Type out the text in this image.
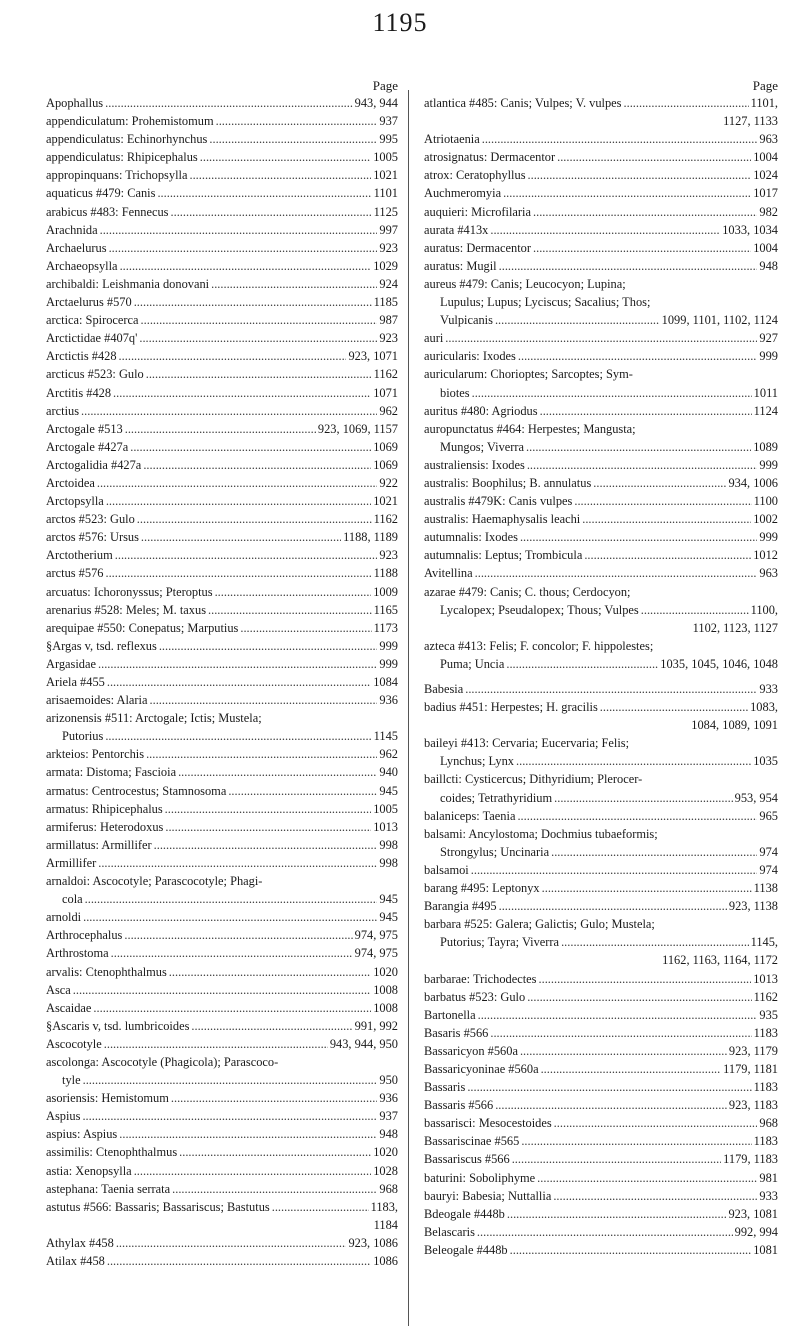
1195
Page
Apophallus .....	943, 944
appendiculatum: Prohemistomum .....	937
appendiculatus: Echinorhynchus .....	995
appendiculatus: Rhipicephalus .....	1005
appropinquans: Trichopsylla .....	1021
aquaticus #479: Canis .....	1101
arabicus #483: Fennecus .....	1125
Arachnida .....	997
Archaelurus .....	923
Archaeopsylla .....	1029
archibaldi: Leishmania donovani .....	924
Arctaelurus #570 .....	1185
arctica: Spirocerca .....	987
Arctictidae #407q' .....	923
Arctictis #428 .....	923, 1071
arcticus #523: Gulo .....	1162
Arctitis #428 .....	1071
arctius .....	962
Arctogale #513 .....	923, 1069, 1157
Arctogale #427a .....	1069
Arctogalidia #427a .....	1069
Arctoidea .....	922
Arctopsylla .....	1021
arctos #523: Gulo .....	1162
arctos #576: Ursus .....	1188, 1189
Arctotherium .....	923
arctus #576 .....	1188
arcuatus: Ichoronyssus; Pteroptus .....	1009
arenarius #528: Meles; M. taxus .....	1165
arequipae #550: Conepatus; Marputius .....	1173
§Argas v, tsd. reflexus .....	999
Argasidae .....	999
Ariela #455 .....	1084
arisaemoides: Alaria .....	936
arizonensis #511: Arctogale; Ictis; Mustela;
Putorius .....	1145
arkteios: Pentorchis .....	962
armata: Distoma; Fascioia .....	940
armatus: Centrocestus; Stamnosoma .....	945
armatus: Rhipicephalus .....	1005
armiferus: Heterodoxus .....	1013
armillatus: Armillifer .....	998
Armillifer .....	998
arnaldoi: Ascocotyle; Parascocotyle; Phagi-
cola .....	945
arnoldi .....	945
Arthrocephalus .....	974, 975
Arthrostoma .....	974, 975
arvalis: Ctenophthalmus .....	1020
Asca .....	1008
Ascaidae .....	1008
§Ascaris v, tsd. lumbricoides .....	991, 992
Ascocotyle .....	943, 944, 950
ascolonga: Ascocotyle (Phagicola); Parascoco-
tyle .....	950
asoriensis: Hemistomum .....	936
Aspius .....	937
aspius: Aspius .....	948
assimilis: Ctenophthalmus .....	1020
astia: Xenopsylla .....	1028
astephana: Taenia serrata .....	968
astutus #566: Bassaris; Bassariscus; Bastutus .....	1183,
1184
Athylax #458 .....	923, 1086
Atilax #458 .....	1086
Page
atlantica #485: Canis; Vulpes; V. vulpes .....	1101,
1127, 1133
Atriotaenia .....	963
atrosignatus: Dermacentor .....	1004
atrox: Ceratophyllus .....	1024
Auchmeromyia .....	1017
auquieri: Microfilaria .....	982
aurata #413x .....	1033, 1034
auratus: Dermacentor .....	1004
auratus: Mugil .....	948
aureus #479: Canis; Leucocyon; Lupina;
Lupulus; Lupus; Lyciscus; Sacalius; Thos;
Vulpicanis .....	1099, 1101, 1102, 1124
auri .....	927
auricularis: Ixodes .....	999
auricularum: Chorioptes; Sarcoptes; Sym-
biotes .....	1011
auritus #480: Agriodus .....	1124
auropunctatus #464: Herpestes; Mangusta;
Mungos; Viverra .....	1089
australiensis: Ixodes .....	999
australis: Boophilus; B. annulatus .....	934, 1006
australis #479K: Canis vulpes .....	1100
australis: Haemaphysalis leachi .....	1002
autumnalis: Ixodes .....	999
autumnalis: Leptus; Trombicula .....	1012
Avitellina .....	963
azarae #479: Canis; C. thous; Cerdocyon;
Lycalopex; Pseudalopex; Thous; Vulpes .....	1100,
1102, 1123, 1127
azteca #413: Felis; F. concolor; F. hippolestes;
Puma; Uncia .....	1035, 1045, 1046, 1048
Babesia .....	933
badius #451: Herpestes; H. gracilis .....	1083,
1084, 1089, 1091
baileyi #413: Cervaria; Eucervaria; Felis;
Lynchus; Lynx .....	1035
baillcti: Cysticercus; Dithyridium; Plerocer-
coides; Tetrathyridium .....	953, 954
balaniceps: Taenia .....	965
balsami: Ancylostoma; Dochmius tubaeformis;
Strongylus; Uncinaria .....	974
balsamoi .....	974
barang #495: Leptonyx .....	1138
Barangia #495 .....	923, 1138
barbara #525: Galera; Galictis; Gulo; Mustela;
Putorius; Tayra; Viverra .....	1145,
1162, 1163, 1164, 1172
barbarae: Trichodectes .....	1013
barbatus #523: Gulo .....	1162
Bartonella .....	935
Basaris #566 .....	1183
Bassaricyon #560a .....	923, 1179
Bassaricyoninae #560a .....	1179, 1181
Bassaris .....	1183
Bassaris #566 .....	923, 1183
bassarisci: Mesocestoides .....	968
Bassariscinae #565 .....	1183
Bassariscus #566 .....	1179, 1183
baturini: Soboliphyme .....	981
bauryi: Babesia; Nuttallia .....	933
Bdeogale #448b .....	923, 1081
Belascaris .....	992, 994
Beleogale #448b .....	1081
